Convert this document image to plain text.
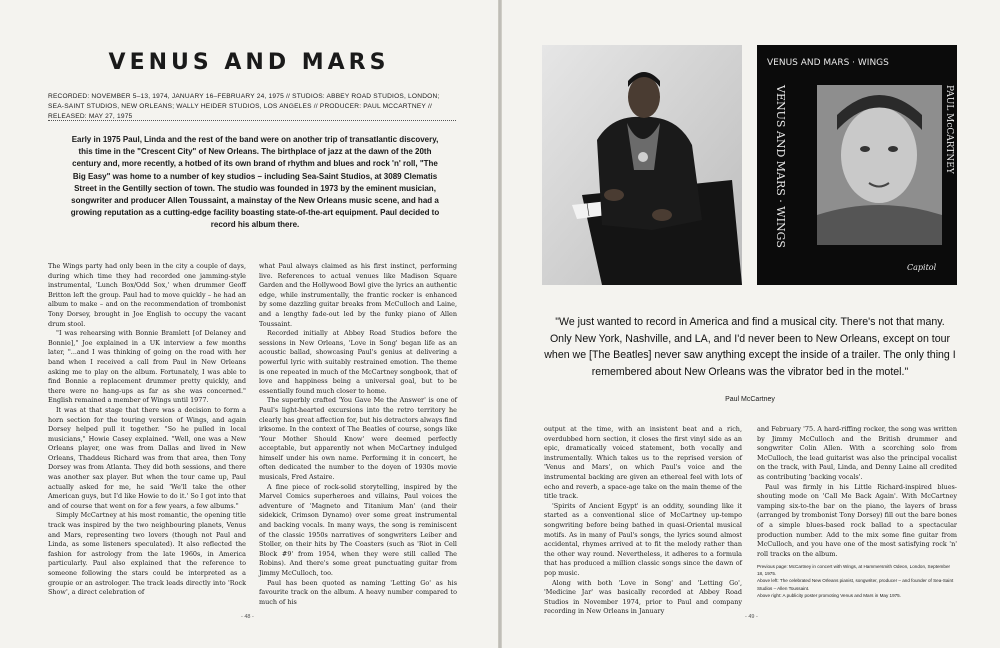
VENUS AND MARS
RECORDED: NOVEMBER 5–13, 1974, JANUARY 16–FEBRUARY 24, 1975 // STUDIOS: ABBEY ROAD STUDIOS, LONDON; SEA-SAINT STUDIOS, NEW ORLEANS; WALLY HEIDER STUDIOS, LOS ANGELES // PRODUCER: PAUL MCCARTNEY // RELEASED: MAY 27, 1975
Early in 1975 Paul, Linda and the rest of the band were on another trip of transatlantic discovery, this time in the "Crescent City" of New Orleans. The birthplace of jazz at the dawn of the 20th century and, more recently, a hotbed of its own brand of rhythm and blues and rock 'n' roll, "The Big Easy" was home to a number of key studios – including Sea-Saint Studios, at 3089 Clematis Street in the Gentilly section of town. The studio was founded in 1973 by the eminent musician, songwriter and producer Allen Toussaint, a mainstay of the New Orleans music scene, and had a growing reputation as a cutting-edge facility boasting state-of-the-art equipment. Paul decided to record his album there.

The Wings party had only been in the city a couple of days, during which time they had recorded one jamming-style instrumental, 'Lunch Box/Odd Sox,' when drummer Geoff Britton left the group. Paul had to move quickly – he had an album to make – and on the recommendation of trombonist Tony Dorsey, brought in Joe English to occupy the vacant drum stool.

"I was rehearsing with Bonnie Bramlett [of Delaney and Bonnie]," Joe explained in a UK interview a few months later, "...and I was thinking of going on the road with her band when I received a call from Paul in New Orleans asking me to play on the album. Fortunately, I was able to find Bonnie a replacement drummer pretty quickly, and there were no hang-ups as far as she was concerned." English remained a member of Wings until 1977.

It was at that stage that there was a decision to form a horn section for the touring version of Wings, and again Dorsey helped pull it together. "So he pulled in local musicians," Howie Casey explained. "Well, one was a New Orleans player, one was from Dallas and lived in New Orleans, Thaddeus Richard was from that area, then Tony Dorsey was from Atlanta. They did both sessions, and there was another sax player. But when the tour came up, Paul actually asked for me, he said 'We'll take the other American guys, but I'd like Howie to do it.' So I got into that and of course that went on for a few years, a few albums."

Simply McCartney at his most romantic, the opening title track was inspired by the two neighbouring planets, Venus and Mars, representing two lovers (though not Paul and Linda, as some listeners speculated). It also reflected the fashion for astrology from the late 1960s, in America particularly. Paul also explained that the reference to someone following the stars could be interpreted as a groupie or an astrologer. The track leads directly into 'Rock Show', a direct celebration of

what Paul always claimed as his first instinct, performing live. References to actual venues like Madison Square Garden and the Hollywood Bowl give the lyrics an authentic edge, while instrumentally, the frantic rocker is enhanced by some dazzling guitar breaks from McCulloch and Laine, and a lengthy fade-out led by the funky piano of Allen Toussaint.

Recorded initially at Abbey Road Studios before the sessions in New Orleans, 'Love in Song' began life as an acoustic ballad, showcasing Paul's genius at delivering a powerful lyric with suitably restrained emotion. The theme is one repeated in much of the McCartney songbook, that of love and happiness being a universal goal, but to be essentially found much closer to home.

The superbly crafted 'You Gave Me the Answer' is one of Paul's light-hearted excursions into the retro territory he clearly has great affection for, but his detractors always find irksome. In the context of The Beatles of course, songs like 'Your Mother Should Know' were deemed perfectly acceptable, but apparently not when McCartney indulged himself under his own name. Performing it in concert, he often dedicated the number to the doyen of 1930s movie musicals, Fred Astaire.

A fine piece of rock-solid storytelling, inspired by the Marvel Comics superheroes and villains, Paul voices the adventure of 'Magneto and Titanium Man' (and their sidekick, Crimson Dynamo) over some great instrumental and backing vocals. In many ways, the song is reminiscent of the classic 1950s narratives of songwriters Leiber and Stoller, on their hits by The Coasters (such as 'Riot in Cell Block #9' from 1954, when they were still called The Robins). And there's some great punctuating guitar from Jimmy McCulloch, too.

Paul has been quoted as naming 'Letting Go' as his favourite track on the album. A heavy number compared to much of his

- 48 -
VENUS AND MARS · WINGS
VENUS AND MARS · WINGS	PAUL McCARTNEY
Capitol
"We just wanted to record in America and find a musical city. There's not that many. Only New York, Nashville, and LA, and I'd never been to New Orleans, except on tour when we [The Beatles] never saw anything except the inside of a trailer. The only thing I remembered about New Orleans was the vibrator bed in the motel."
Paul McCartney

output at the time, with an insistent beat and a rich, overdubbed horn section, it closes the first vinyl side as an epic, dramatically voiced statement, both vocally and instrumentally. Which takes us to the reprised version of 'Venus and Mars', on which Paul's voice and the instrumental backing are given an ethereal feel with lots of echo and reverb, a space-age take on the main theme of the title track.

'Spirits of Ancient Egypt' is an oddity, sounding like it started as a conventional slice of McCartney up-tempo songwriting before being bathed in quasi-Oriental musical motifs. As in many of Paul's songs, the lyrics sound almost accidental, rhymes arrived at to fit the melody rather than the other way round. Nevertheless, it adheres to a formula that has produced a million classic songs since the dawn of pop music.

Along with both 'Love in Song' and 'Letting Go', 'Medicine Jar' was basically recorded at Abbey Road Studios in November 1974, prior to Paul and company recording in New Orleans in January

and February '75. A hard-riffing rocker, the song was written by Jimmy McCulloch and the British drummer and songwriter Colin Allen. With a scorching solo from McCulloch, the lead guitarist was also the principal vocalist on the track, with Paul, Linda, and Denny Laine all credited as contributing 'backing vocals'.

Paul was firmly in his Little Richard-inspired blues-shouting mode on 'Call Me Back Again'. With McCartney vamping six-to-the bar on the piano, the layers of brass (arranged by trombonist Tony Dorsey) fill out the bare bones of a simple blues-based rock ballad to a spectacular production number. Add to the mix some fine guitar from McCulloch, and you have one of the most satisfying rock 'n' roll tracks on the album.

Previous page: McCartney in concert with Wings, at Hammersmith Odeon, London, September 18, 1975.
Above left: The celebrated New Orleans pianist, songwriter, producer – and founder of Sea-Saint Studios – Allen Toussaint.
Above right: A publicity poster promoting Venus and Mars in May 1975.
- 49 -
